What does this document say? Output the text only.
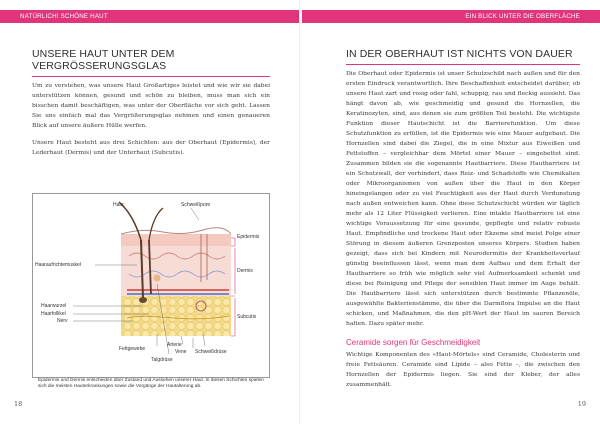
NATÜRLICH! SCHÖNE HAUT	EIN BLICK UNTER DIE OBERFLÄCHE
UNSERE HAUT UNTER DEM VERGRÖSSERUNGSGLAS

Um zu verstehen, was unsere Haut Großartiges leistet und wie wir sie dabei unterstützen können, gesund und schön zu bleiben, muss man sich ein bisschen damit beschäftigen, was unter der Oberfläche vor sich geht. Lassen Sie uns einfach mal das Vergrößerungsglas nehmen und einen genaueren Blick auf unsere äußere Hülle werfen.

Unsere Haut besteht aus drei Schichten: aus der Oberhaut (Epidermis), der Lederhaut (Dermis) und der Unterhaut (Subcutis).

Haar	Schweißpore
Epidermis
Dermis
Subcutis
Haaraufrichtemuskel
Haarwurzel
Haarfollikel
Nerv
Fettgewebe
Arterie
Vene Schweißdrüse
Talgdrüse
Epidermis und Dermis entscheiden über Zustand und Aussehen unserer Haut. In diesen Schichten spielen sich die meisten Hauterkrankungen sowie die Vorgänge der Hautalterung ab.
IN DER OBERHAUT IST NICHTS VON DAUER

Die Oberhaut oder Epidermis ist unser Schutzschild nach außen und für den ersten Eindruck verantwortlich. Ihre Beschaffenheit entscheidet darüber, ob unsere Haut zart und rosig oder fahl, schuppig, rau und fleckig aussieht. Das hängt davon ab, wie geschmeidig und gesund die Hornzellen, die Keratinozyten, sind, aus denen sie zum größten Teil besteht. Die wichtigste Funktion dieser Hautschicht ist die Barrierefunktion. Um diese Schutzfunktion zu erfüllen, ist die Epidermis wie eine Mauer aufgebaut. Die Hornzellen sind dabei die Ziegel, die in eine Mixtur aus Eiweißen und Fettstoffen – vergleichbar dem Mörtel einer Mauer – eingebettet sind. Zusammen bilden sie die sogenannte Hautbarriere. Diese Hautbarriere ist ein Schutzwall, der verhindert, dass Reiz- und Schadstoffe wie Chemikalien oder Mikroorganismen von außen über die Haut in den Körper hineingelangen oder zu viel Feuchtigkeit aus der Haut durch Verdunstung nach außen entweichen kann. Ohne diese Schutzschicht würden wir täglich mehr als 12 Liter Flüssigkeit verlieren. Eine intakte Hautbarriere ist eine wichtige Voraussetzung für eine gesunde, gepflegte und relativ robuste Haut. Empfindliche und trockene Haut oder Ekzeme sind meist Folge einer Störung in diesem äußeren Grenzposten unseres Körpers. Studien haben gezeigt, dass sich bei Kindern mit Neurodermitis der Krankheitsverlauf günstig beeinflussen lässt, wenn man dem Aufbau und dem Erhalt der Hautbarriere so früh wie möglich sehr viel Aufmerksamkeit schenkt und diese bei Reinigung und Pflege der sensiblen Haut immer im Auge behält. Die Hautbarriere lässt sich unterstützen durch bestimmte Pflanzenöle, ausgewählte Bakterienstämme, die über die Darmflora Impulse an die Haut schicken, und Maßnahmen, die den pH-Wert der Haut im sauren Bereich halten. Dazu später mehr.

Ceramide sorgen für Geschmeidigkeit

Wichtige Komponenten des »Haut-Mörtels« sind Ceramide, Cholesterin und freie Fettsäuren. Ceramide sind Lipide – also Fette –, die zwischen den Hornzellen der Epidermis liegen. Sie sind der Kleber, der alles zusammenhält.

18	19
